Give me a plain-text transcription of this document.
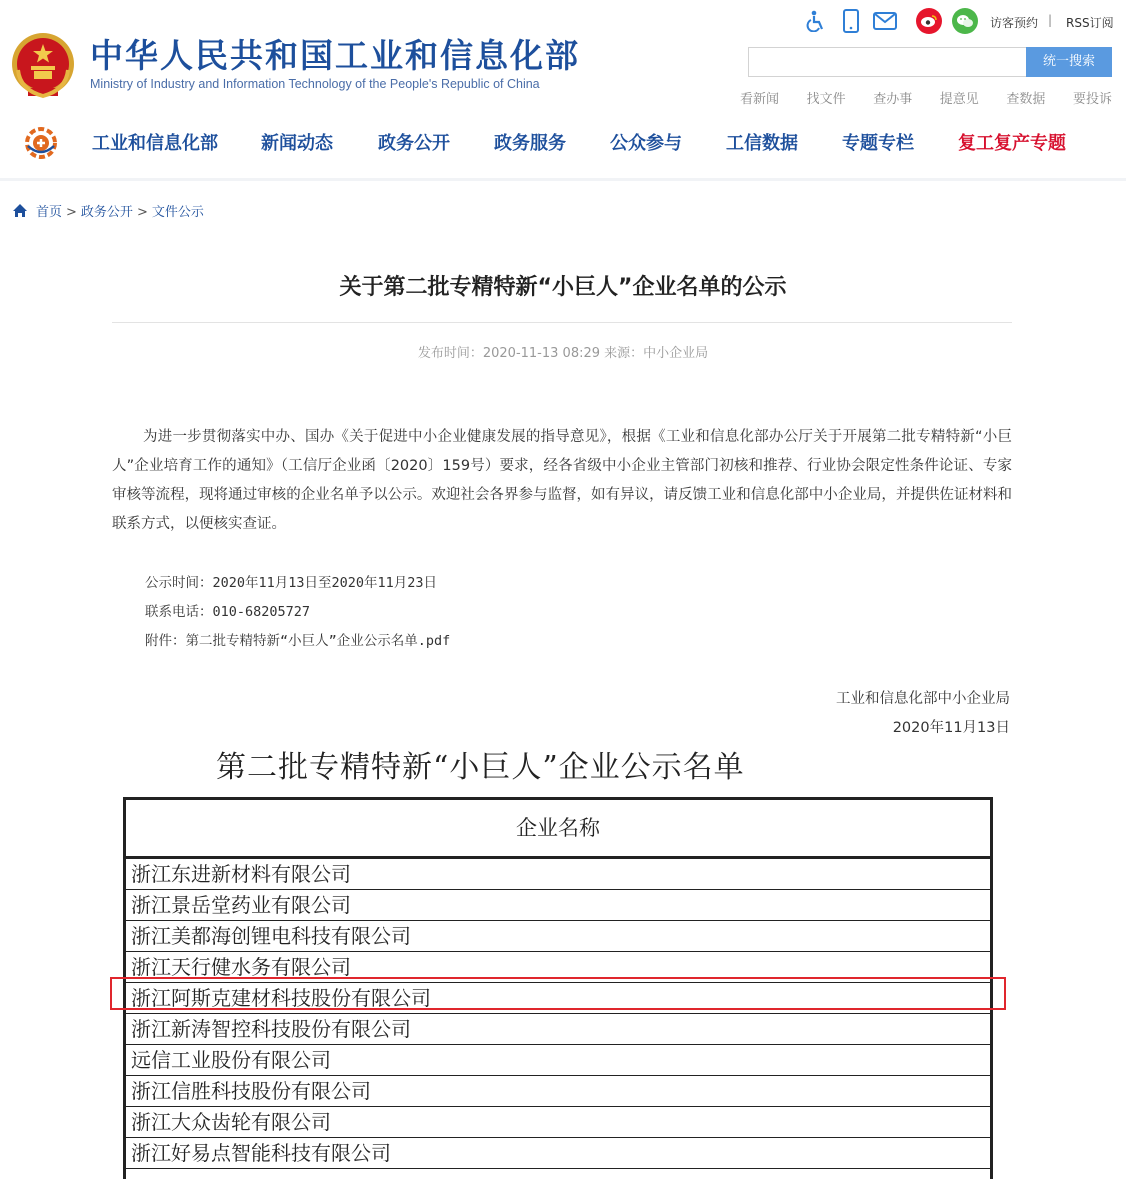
中华人民共和国工业和信息化部
Ministry of Industry and Information Technology of the People's Republic of China
访客预约 | RSS订阅
统一搜索
看新闻 找文件 查办事 提意见 查数据 要投诉
工业和信息化部 新闻动态	政务公开 政务服务 公众参与 工信数据 专题专栏 复工复产专题
首页 > 政务公开 > 文件公示
关于第二批专精特新“小巨人”企业名单的公示
发布时间：2020-11-13 08:29 来源：中小企业局
为进一步贯彻落实中办、国办《关于促进中小企业健康发展的指导意见》，根据《工业和信息化部办公厅关于开展第二批专精特新“小巨人”企业培育工作的通知》（工信厅企业函〔2020〕159号）要求，经各省级中小企业主管部门初核和推荐、行业协会限定性条件论证、专家审核等流程，现将通过审核的企业名单予以公示。欢迎社会各界参与监督，如有异议，请反馈工业和信息化部中小企业局，并提供佐证材料和联系方式，以便核实查证。
公示时间：2020年11月13日至2020年11月23日
联系电话：010-68205727
附件：第二批专精特新“小巨人”企业公示名单.pdf
工业和信息化部中小企业局
2020年11月13日
第二批专精特新“小巨人”企业公示名单
企业名称
浙江东进新材料有限公司
浙江景岳堂药业有限公司
浙江美都海创锂电科技有限公司
浙江天行健水务有限公司
浙江阿斯克建材科技股份有限公司
浙江新涛智控科技股份有限公司
远信工业股份有限公司
浙江信胜科技股份有限公司
浙江大众齿轮有限公司
浙江好易点智能科技有限公司
